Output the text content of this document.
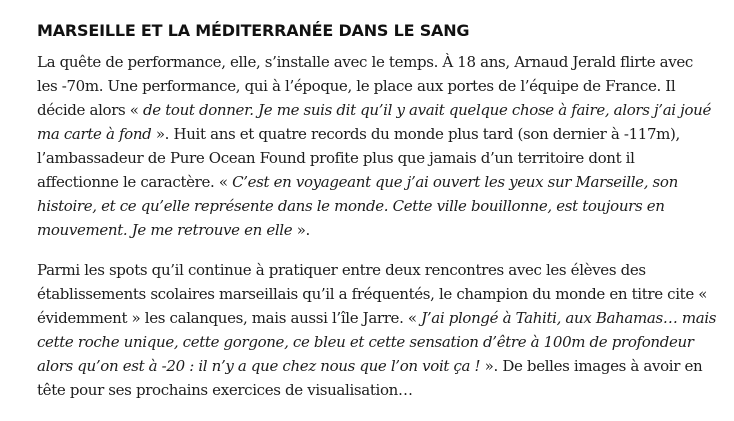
MARSEILLE ET LA MÉDITERRANÉE DANS LE SANG

La quête de performance, elle, s’installe avec le temps. À 18 ans, Arnaud Jerald flirte avec les -70m. Une performance, qui à l’époque, le place aux portes de l’équipe de France. Il décide alors « de tout donner. Je me suis dit qu’il y avait quelque chose à faire, alors j’ai joué ma carte à fond ». Huit ans et quatre records du monde plus tard (son dernier à -117m), l’ambassadeur de Pure Ocean Found profite plus que jamais d’un territoire dont il affectionne le caractère. « C’est en voyageant que j’ai ouvert les yeux sur Marseille, son histoire, et ce qu’elle représente dans le monde. Cette ville bouillonne, est toujours en mouvement. Je me retrouve en elle ».

Parmi les spots qu’il continue à pratiquer entre deux rencontres avec les élèves des établissements scolaires marseillais qu’il a fréquentés, le champion du monde en titre cite « évidemment » les calanques, mais aussi l’île Jarre. « J’ai plongé à Tahiti, aux Bahamas… mais cette roche unique, cette gorgone, ce bleu et cette sensation d’être à 100m de profondeur alors qu’on est à -20 : il n’y a que chez nous que l’on voit ça ! ». De belles images à avoir en tête pour ses prochains exercices de visualisation…
